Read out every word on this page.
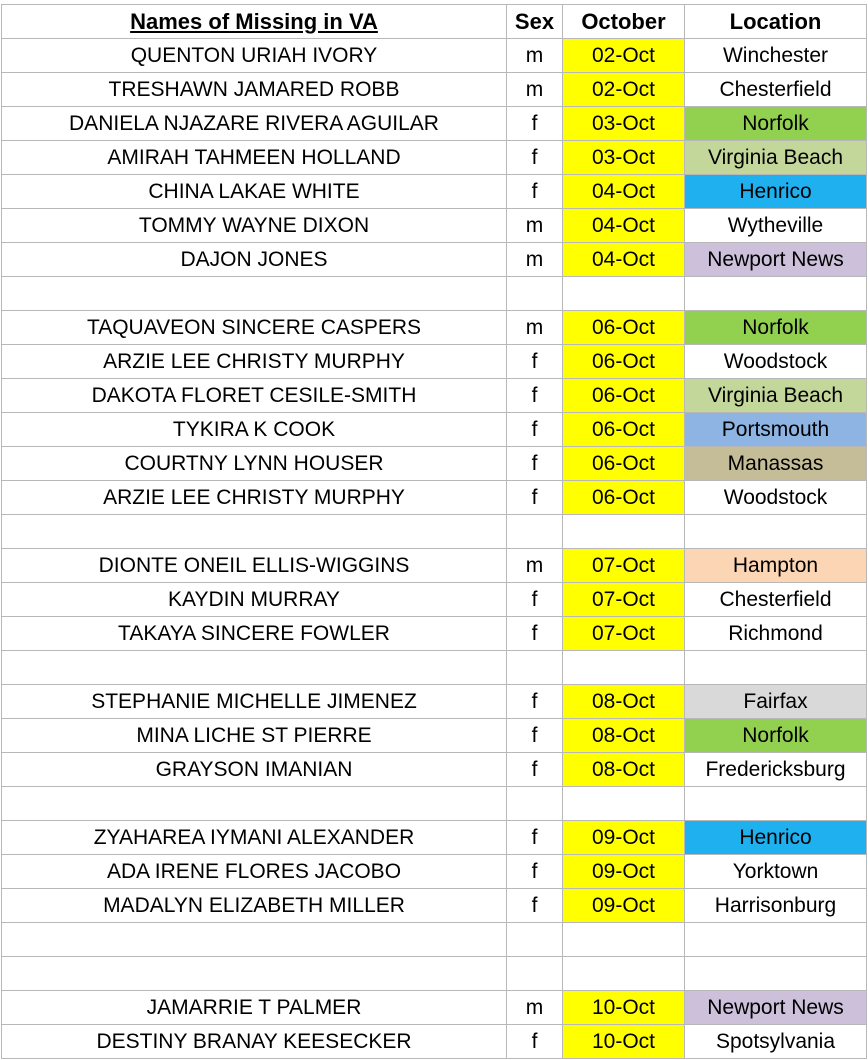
Names of Missing in VA	Sex	October	Location
QUENTON URIAH IVORY	m	02-Oct	Winchester
TRESHAWN JAMARED ROBB	m	02-Oct	Chesterfield
DANIELA NJAZARE RIVERA AGUILAR	f	03-Oct	Norfolk
AMIRAH TAHMEEN HOLLAND	f	03-Oct	Virginia Beach
CHINA LAKAE WHITE	f	04-Oct	Henrico
TOMMY WAYNE DIXON	m	04-Oct	Wytheville
DAJON JONES	m	04-Oct	Newport News

TAQUAVEON SINCERE CASPERS	m	06-Oct	Norfolk
ARZIE LEE CHRISTY MURPHY	f	06-Oct	Woodstock
DAKOTA FLORET CESILE-SMITH	f	06-Oct	Virginia Beach
TYKIRA K COOK	f	06-Oct	Portsmouth
COURTNY LYNN HOUSER	f	06-Oct	Manassas
ARZIE LEE CHRISTY MURPHY	f	06-Oct	Woodstock

DIONTE ONEIL ELLIS-WIGGINS	m	07-Oct	Hampton
KAYDIN MURRAY	f	07-Oct	Chesterfield
TAKAYA SINCERE FOWLER	f	07-Oct	Richmond

STEPHANIE MICHELLE JIMENEZ	f	08-Oct	Fairfax
MINA LICHE ST PIERRE	f	08-Oct	Norfolk
GRAYSON IMANIAN	f	08-Oct	Fredericksburg

ZYAHAREA IYMANI ALEXANDER	f	09-Oct	Henrico
ADA IRENE FLORES JACOBO	f	09-Oct	Yorktown
MADALYN ELIZABETH MILLER	f	09-Oct	Harrisonburg

JAMARRIE T PALMER	m	10-Oct	Newport News
DESTINY BRANAY KEESECKER	f	10-Oct	Spotsylvania
